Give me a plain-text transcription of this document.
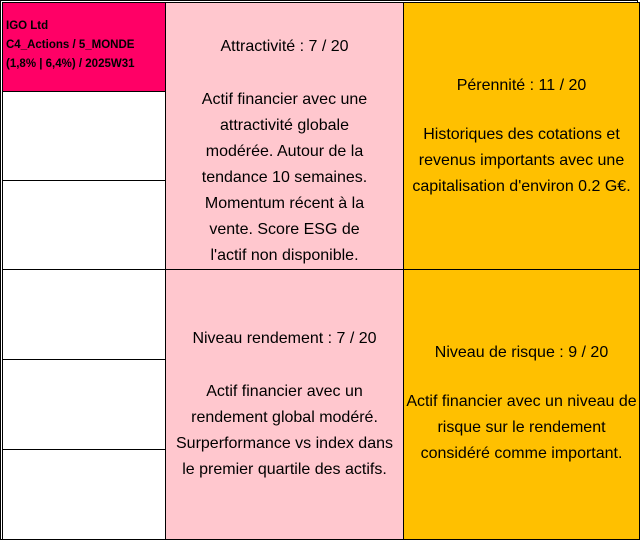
IGO Ltd
C4_Actions / 5_MONDE
(1,8% | 6,4%) / 2025W31
Attractivité : 7 / 20
Actif financier avec une attractivité globale modérée. Autour de la tendance 10 semaines. Momentum récent à la vente. Score ESG de l'actif non disponible.
Pérennité : 11 / 20
Historiques des cotations et revenus importants avec une capitalisation d'environ 0.2 G€.
Niveau rendement : 7 / 20
Actif financier avec un rendement global modéré. Surperformance vs index dans le premier quartile des actifs.
Niveau de risque : 9 / 20
Actif financier avec un niveau de risque sur le rendement considéré comme important.
